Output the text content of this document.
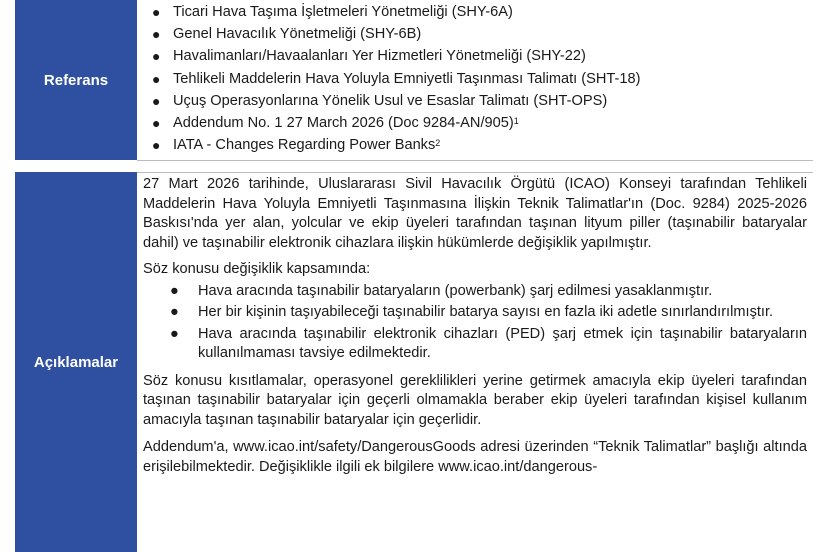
Referans
● Ticari Hava Taşıma İşletmeleri Yönetmeliği (SHY-6A)
● Genel Havacılık Yönetmeliği (SHY-6B)
● Havalimanları/Havaalanları Yer Hizmetleri Yönetmeliği (SHY-22)
● Tehlikeli Maddelerin Hava Yoluyla Emniyetli Taşınması Talimatı (SHT-18)
● Uçuş Operasyonlarına Yönelik Usul ve Esaslar Talimatı (SHT-OPS)
● Addendum No. 1 27 March 2026 (Doc 9284-AN/905)$^1$
● IATA - Changes Regarding Power Banks$^2$
Açıklamalar

27 Mart 2026 tarihinde, Uluslararası Sivil Havacılık Örgütü (ICAO) Konseyi tarafından Tehlikeli Maddelerin Hava Yoluyla Emniyetli Taşınmasına İlişkin Teknik Talimatlar'ın (Doc. 9284) 2025-2026 Baskısı'nda yer alan, yolcular ve ekip üyeleri tarafından taşınan lityum piller (taşınabilir bataryalar dahil) ve taşınabilir elektronik cihazlara ilişkin hükümlerde değişiklik yapılmıştır.

Söz konusu değişiklik kapsamında:

● Hava aracında taşınabilir bataryaların (powerbank) şarj edilmesi yasaklanmıştır.
● Her bir kişinin taşıyabileceği taşınabilir batarya sayısı en fazla iki adetle sınırlandırılmıştır.
● Hava aracında taşınabilir elektronik cihazları (PED) şarj etmek için taşınabilir bataryaların kullanılmaması tavsiye edilmektedir.

Söz konusu kısıtlamalar, operasyonel gereklilikleri yerine getirmek amacıyla ekip üyeleri tarafından taşınan taşınabilir bataryalar için geçerli olmamakla beraber ekip üyeleri tarafından kişisel kullanım amacıyla taşınan taşınabilir bataryalar için geçerlidir.

Addendum'a, www.icao.int/safety/DangerousGoods adresi üzerinden “Teknik Talimatlar” başlığı altında erişilebilmektedir. Değişiklikle ilgili ek bilgilere www.icao.int/dangerous-
